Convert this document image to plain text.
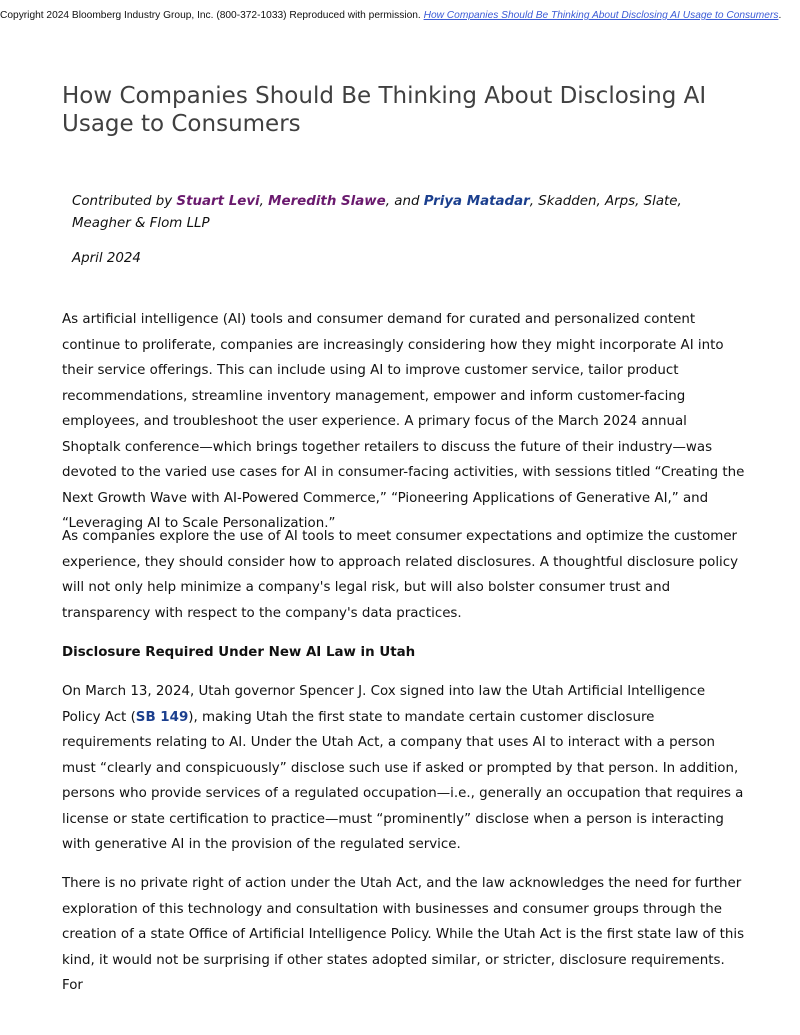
Copyright 2024 Bloomberg Industry Group, Inc. (800-372-1033) Reproduced with permission. How Companies Should Be Thinking About Disclosing AI Usage to Consumers.
How Companies Should Be Thinking About Disclosing AI Usage to Consumers

Contributed by Stuart Levi, Meredith Slawe, and Priya Matadar, Skadden, Arps, Slate, Meagher & Flom LLP

April 2024

As artificial intelligence (AI) tools and consumer demand for curated and personalized content continue to proliferate, companies are increasingly considering how they might incorporate AI into their service offerings. This can include using AI to improve customer service, tailor product recommendations, streamline inventory management, empower and inform customer-facing employees, and troubleshoot the user experience. A primary focus of the March 2024 annual Shoptalk conference—which brings together retailers to discuss the future of their industry—was devoted to the varied use cases for AI in consumer-facing activities, with sessions titled “Creating the Next Growth Wave with AI-Powered Commerce,” “Pioneering Applications of Generative AI,” and “Leveraging AI to Scale Personalization.”

As companies explore the use of AI tools to meet consumer expectations and optimize the customer experience, they should consider how to approach related disclosures. A thoughtful disclosure policy will not only help minimize a company's legal risk, but will also bolster consumer trust and transparency with respect to the company's data practices.

Disclosure Required Under New AI Law in Utah

On March 13, 2024, Utah governor Spencer J. Cox signed into law the Utah Artificial Intelligence Policy Act (SB 149), making Utah the first state to mandate certain customer disclosure requirements relating to AI. Under the Utah Act, a company that uses AI to interact with a person must “clearly and conspicuously” disclose such use if asked or prompted by that person. In addition, persons who provide services of a regulated occupation—i.e., generally an occupation that requires a license or state certification to practice—must “prominently” disclose when a person is interacting with generative AI in the provision of the regulated service.

There is no private right of action under the Utah Act, and the law acknowledges the need for further exploration of this technology and consultation with businesses and consumer groups through the creation of a state Office of Artificial Intelligence Policy. While the Utah Act is the first state law of this kind, it would not be surprising if other states adopted similar, or stricter, disclosure requirements. For
